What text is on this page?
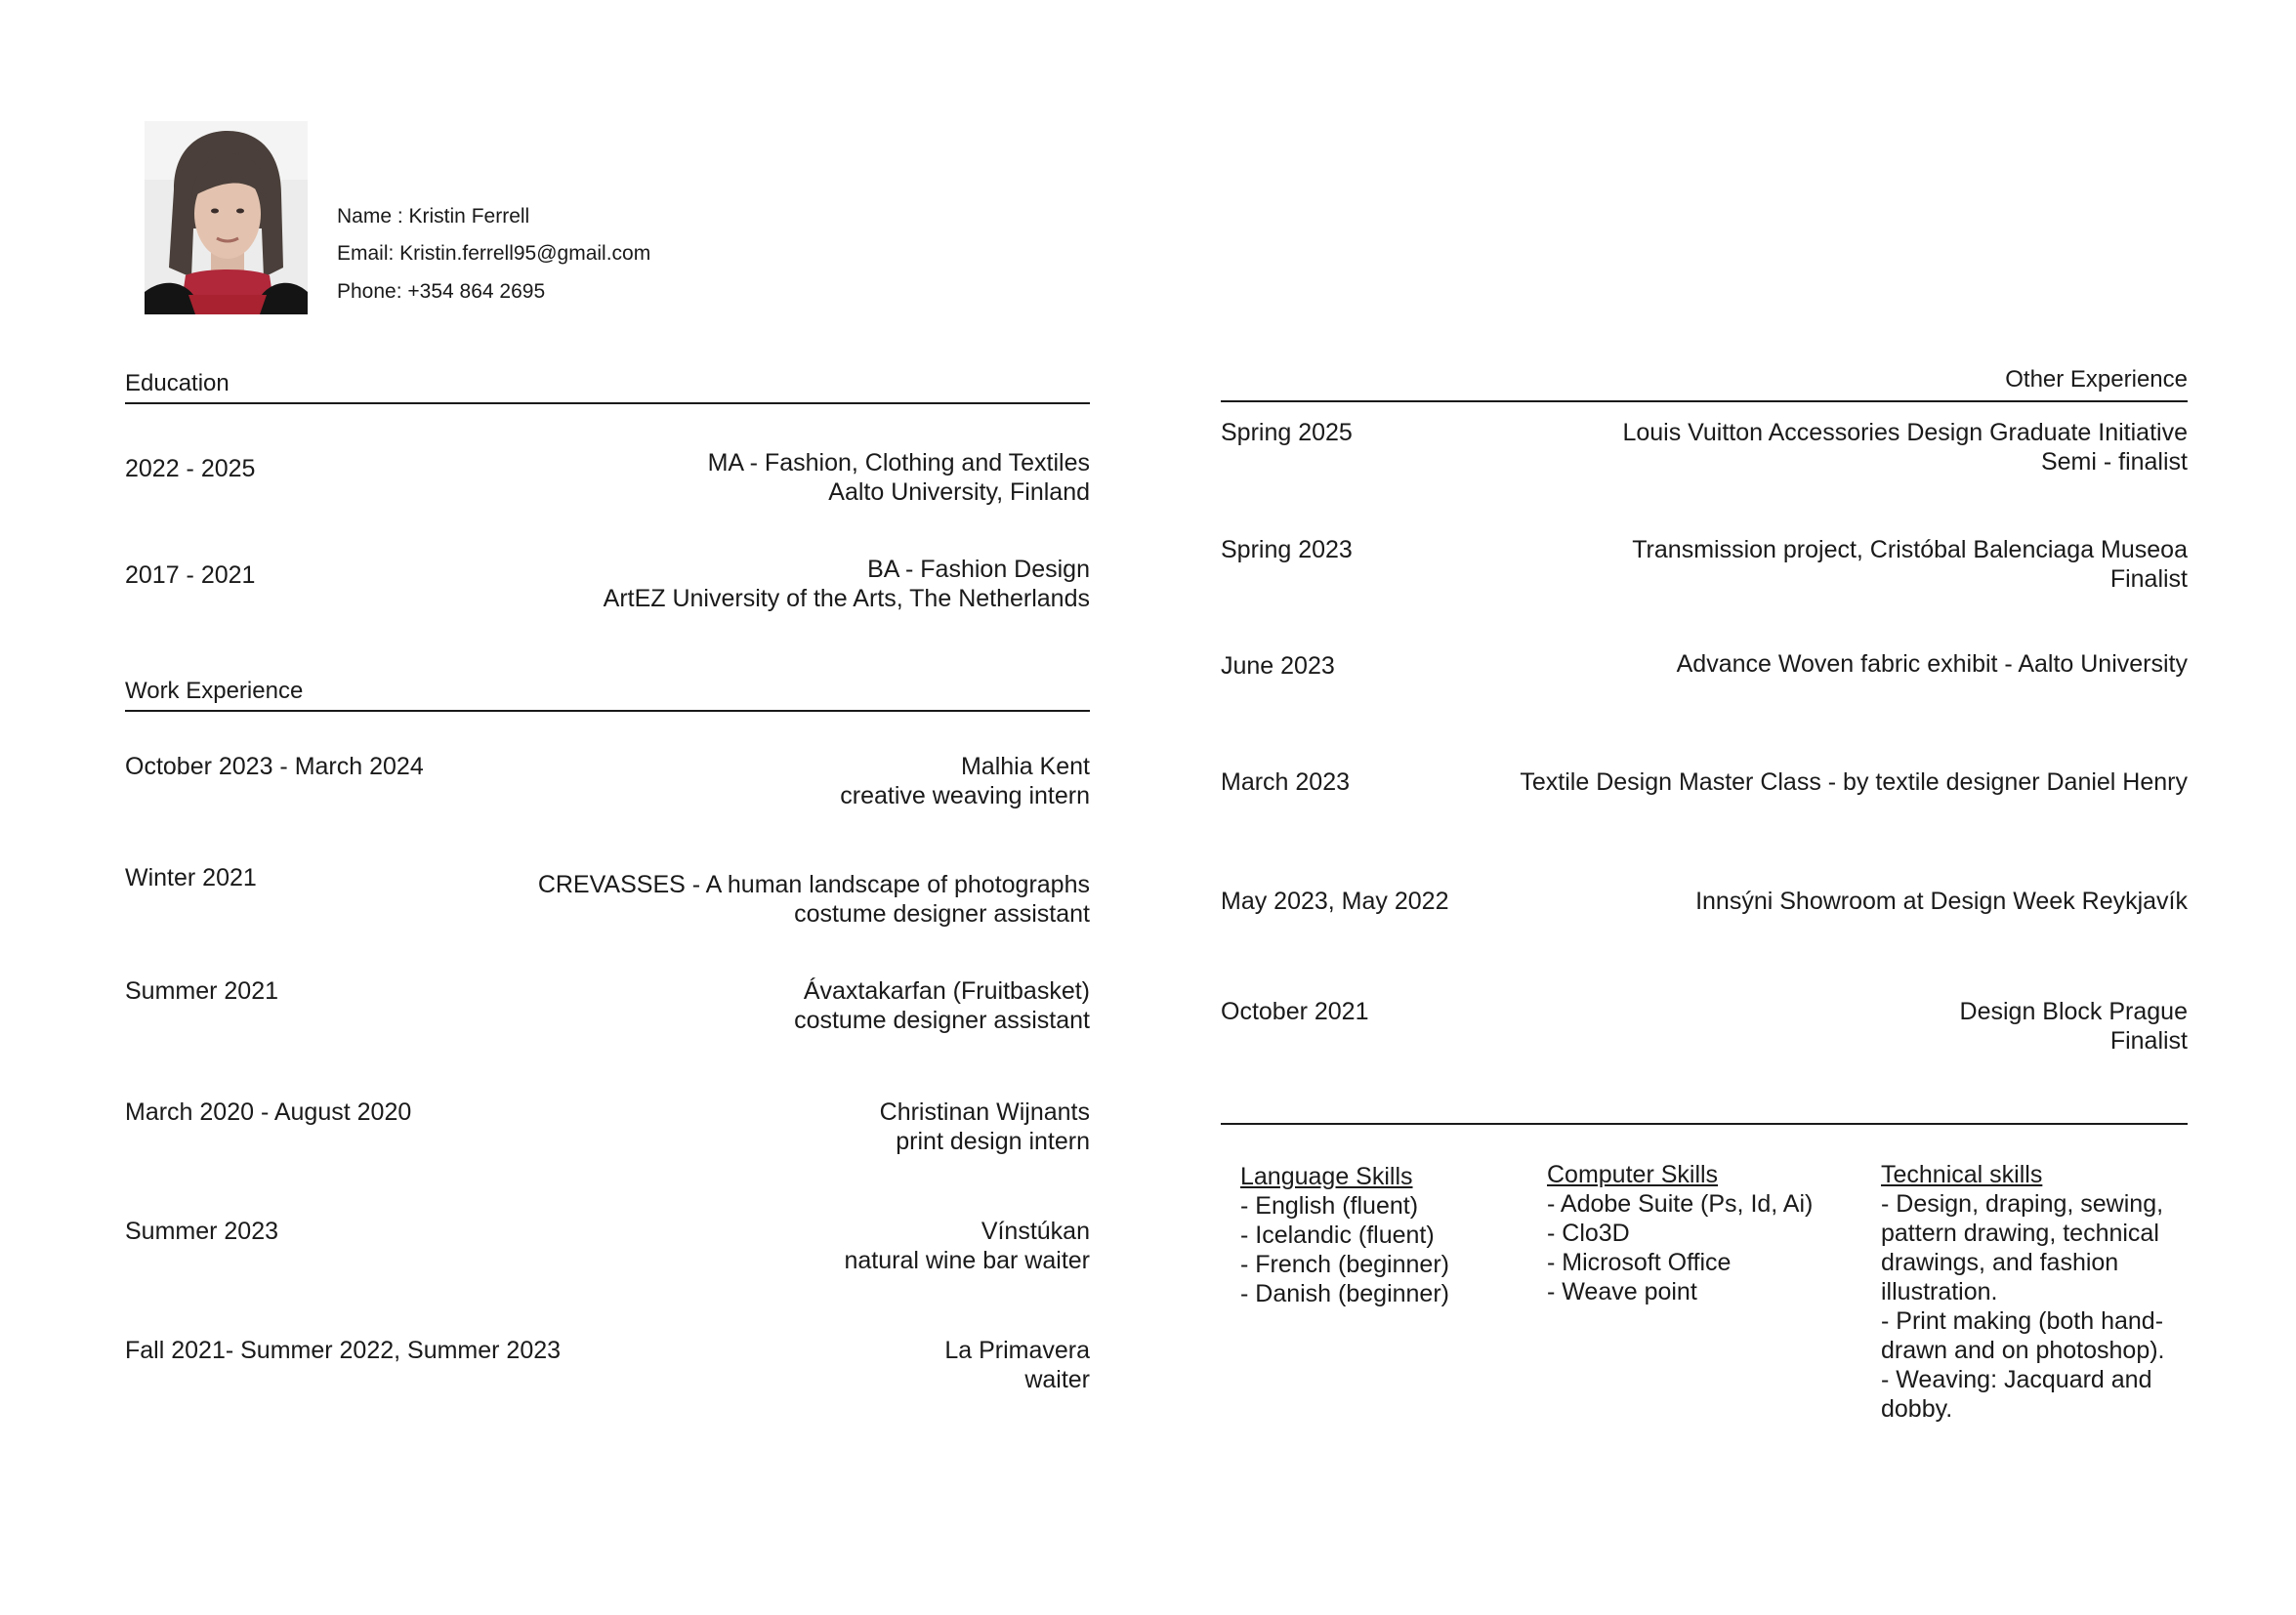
Name : Kristin Ferrell
Email: Kristin.ferrell95@gmail.com
Phone: +354 864 2695
Education
2022 - 2025	MA - Fashion, Clothing and Textiles
Aalto University, Finland
2017 - 2021	BA - Fashion Design
ArtEZ University of the Arts, The Netherlands
Work Experience
October 2023 - March 2024	Malhia Kent
creative weaving intern
Winter 2021	CREVASSES - A human landscape of photographs
costume designer assistant
Summer 2021	Ávaxtakarfan (Fruitbasket)
costume designer assistant
March 2020 - August 2020	Christinan Wijnants
print design intern
Summer 2023	Vínstúkan
natural wine bar waiter
Fall 2021- Summer 2022, Summer 2023	La Primavera
waiter
Other Experience
Spring 2025	Louis Vuitton Accessories Design Graduate Initiative
Semi - finalist
Spring 2023	Transmission project, Cristóbal Balenciaga Museoa
Finalist
June 2023	Advance Woven fabric exhibit - Aalto University
March 2023	Textile Design Master Class - by textile designer Daniel Henry
May 2023, May 2022	Innsýni Showroom at Design Week Reykjavík
October 2021	Design Block Prague
Finalist
Language Skills
- English (fluent)
- Icelandic (fluent)
- French (beginner)
- Danish (beginner)
Computer Skills
- Adobe Suite (Ps, Id, Ai)
- Clo3D
- Microsoft Office
- Weave point
Technical skills
- Design, draping, sewing, pattern drawing, technical drawings, and fashion illustration.
- Print making (both hand-drawn and on photoshop).
- Weaving: Jacquard and dobby.
